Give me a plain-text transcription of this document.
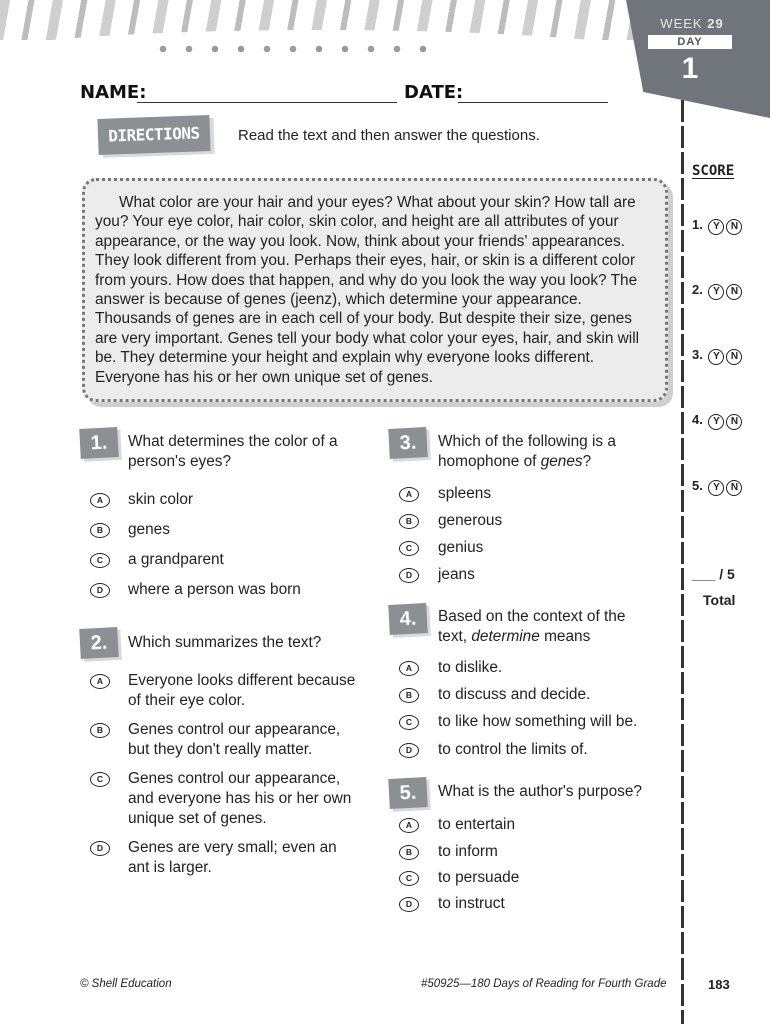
WEEK 29
DAY
1
NAME:	DATE:
DIRECTIONS	Read the text and then answer the questions.

What color are your hair and your eyes? What about your skin? How tall are you? Your eye color, hair color, skin color, and height are all attributes of your appearance, or the way you look. Now, think about your friends' appearances. They look different from you. Perhaps their eyes, hair, or skin is a different color from yours. How does that happen, and why do you look the way you look? The answer is because of genes (jeenz), which determine your appearance. Thousands of genes are in each cell of your body. But despite their size, genes are very important. Genes tell your body what color your eyes, hair, and skin will be. They determine your height and explain why everyone looks different. Everyone has his or her own unique set of genes.

SCORE
1. Y N
2. Y N
3. Y N
4. Y N
5. Y N
___ / 5
Total
1.	What determines the color of a person's eyes?
A	skin color
B	genes
C	a grandparent
D	where a person was born
2.	Which summarizes the text?
A	Everyone looks different because of their eye color.
B	Genes control our appearance, but they don't really matter.
C	Genes control our appearance, and everyone has his or her own unique set of genes.
D	Genes are very small; even an ant is larger.
3.	Which of the following is a homophone of genes?
A	spleens
B	generous
C	genius
D	jeans
4.	Based on the context of the text, determine means
A	to dislike.
B	to discuss and decide.
C	to like how something will be.
D	to control the limits of.
5.	What is the author's purpose?
A	to entertain
B	to inform
C	to persuade
D	to instruct
© Shell Education	#50925—180 Days of Reading for Fourth Grade	183
